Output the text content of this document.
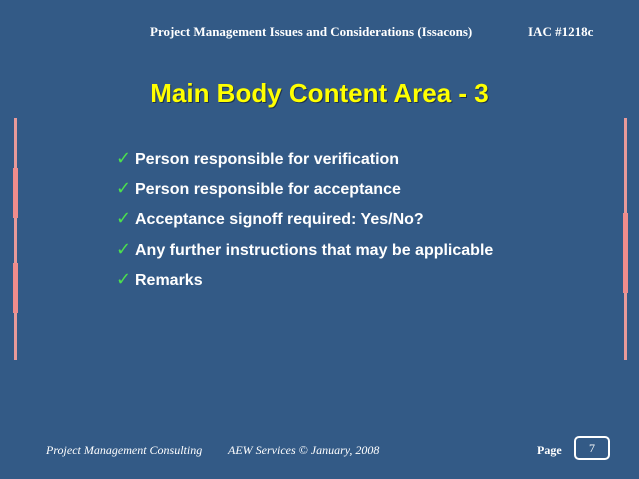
Project Management Issues and Considerations (Issacons)	IAC #1218c
Main Body Content Area - 3
✓ Person responsible for verification
✓ Person responsible for acceptance
✓ Acceptance signoff required: Yes/No?
✓ Any further instructions that may be applicable
✓ Remarks
Project Management Consulting AEW Services © January, 2008	Page	7
